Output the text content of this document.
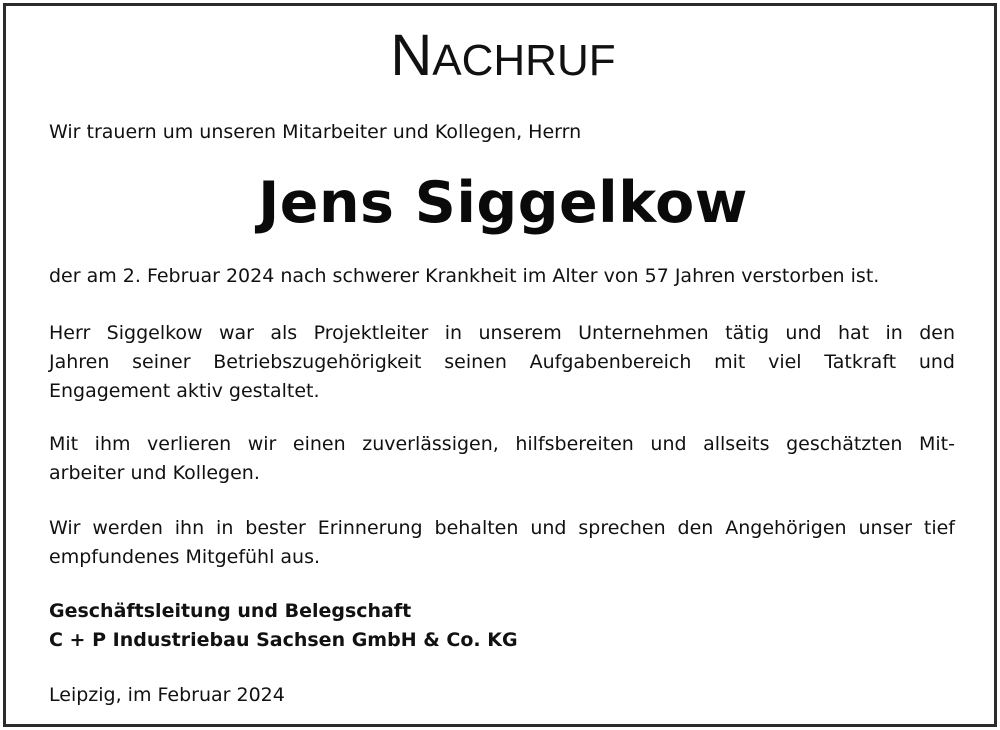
NACHRUF
Wir trauern um unseren Mitarbeiter und Kollegen, Herrn
Jens Siggelkow
der am 2. Februar 2024 nach schwerer Krankheit im Alter von 57 Jahren verstorben ist.
Herr Siggelkow war als Projektleiter in unserem Unternehmen tätig und hat in den
Jahren seiner Betriebszugehörigkeit seinen Aufgabenbereich mit viel Tatkraft und
Engagement aktiv gestaltet.
Mit ihm verlieren wir einen zuverlässigen, hilfsbereiten und allseits geschätzten Mit-
arbeiter und Kollegen.
Wir werden ihn in bester Erinnerung behalten und sprechen den Angehörigen unser tief
empfundenes Mitgefühl aus.
Geschäftsleitung und Belegschaft
C + P Industriebau Sachsen GmbH & Co. KG
Leipzig, im Februar 2024
